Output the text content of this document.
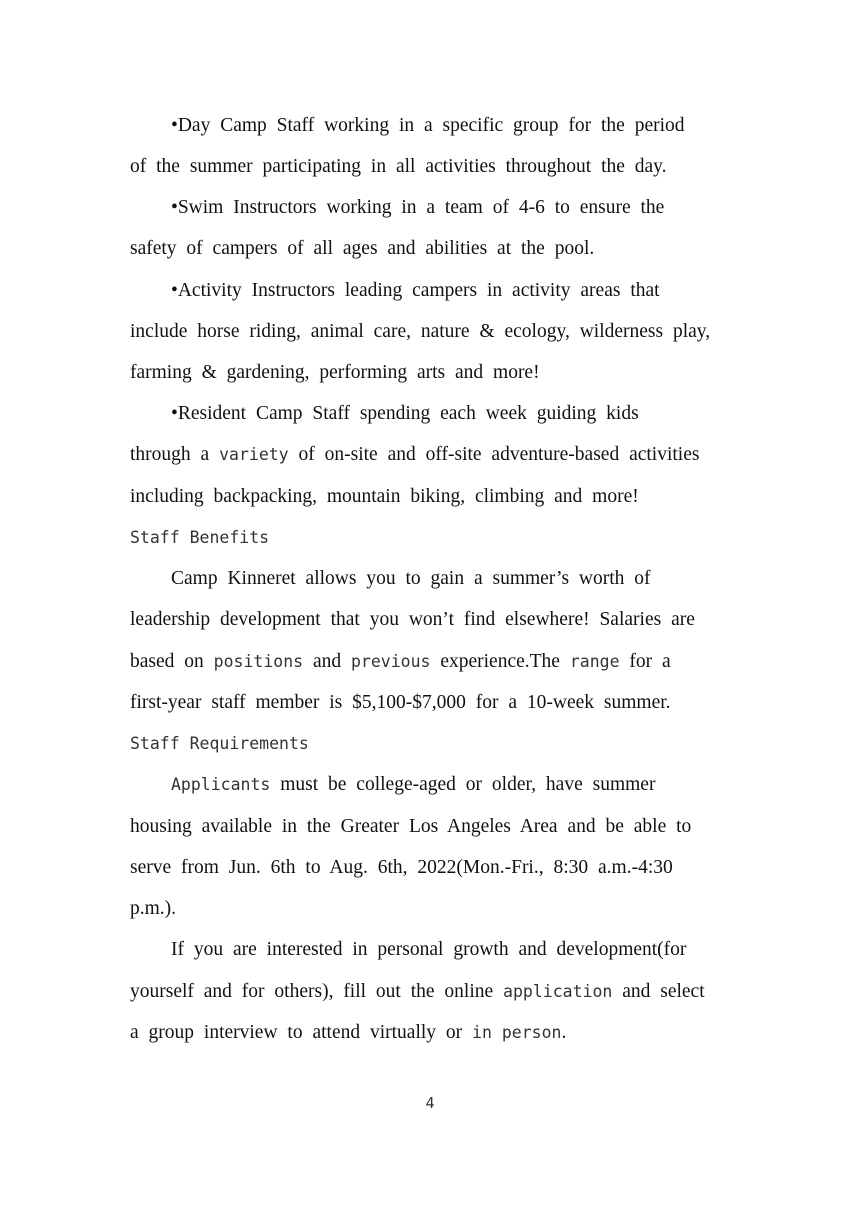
•Day Camp Staff working in a specific group for the period
of the summer participating in all activities throughout the day.
•Swim Instructors working in a team of 4-6 to ensure the
safety of campers of all ages and abilities at the pool.
•Activity Instructors leading campers in activity areas that
include horse riding, animal care, nature & ecology, wilderness play,
farming & gardening, performing arts and more!
•Resident Camp Staff spending each week guiding kids
through a variety of on-site and off-site adventure-based activities
including backpacking, mountain biking, climbing and more!
Staff Benefits
Camp Kinneret allows you to gain a summer’s worth of
leadership development that you won’t find elsewhere! Salaries are
based on positions and previous experience.The range for a
first-year staff member is $5,100-$7,000 for a 10-week summer.
Staff Requirements
Applicants must be college-aged or older, have summer
housing available in the Greater Los Angeles Area and be able to
serve from Jun. 6th to Aug. 6th, 2022(Mon.-Fri., 8:30 a.m.-4:30
p.m.).
If you are interested in personal growth and development(for
yourself and for others), fill out the online application and select
a group interview to attend virtually or in person.
4
